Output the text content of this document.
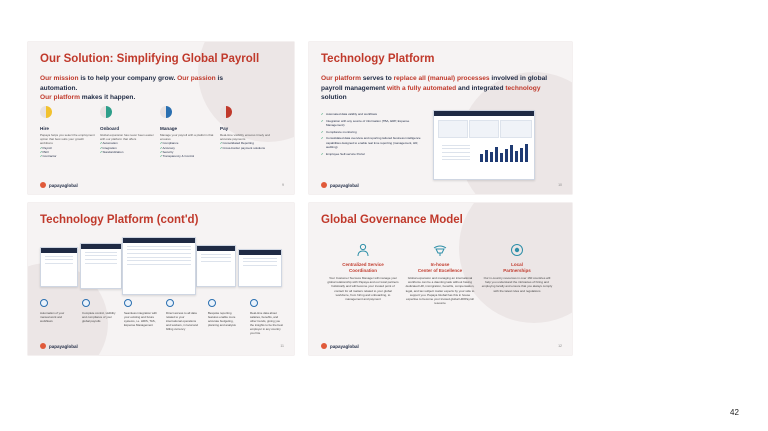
Our Solution: Simplifying Global Payroll
Our mission is to help your company grow. Our passion is automation.
Our platform makes it happen.
Hire
Papaya helps you select the employment option that best suits your growth ambitions
✔ Payroll
✔ PEO
✔ Contractor
Onboard
Global expansion has never been easier with our platform that offers
✔ Automation
✔ Integration
✔ Standardization
Manage
Manage your payroll with a platform that ensures
✔ Compliance
✔ Accuracy
✔ Security
✔ Transparency & Control
Pay
Real-time visibility ensures timely and accurate payments
✔ Consolidated Reporting
✔ Cross-border payment solutions
papayaglobal	9
Technology Platform
Our platform serves to replace all (manual) processes involved in global payroll management with a fully automated and integrated technology solution
✔ Automated data validity and workflows
✔ Integration with any source of information (TBA, ERP, Expense Management)
✔ Compliance monitoring
✔ Consolidated data overview and reporting tailored business intelligence capabilities designed to enable real time reporting (management, HR, auditing)
✔ Employee Self-service Portal
papayaglobal	10
Technology Platform (cont'd)
Automation of your manual work and workflows
Complete control, visibility and compliance of your global payrolls
Seamless integration with your existing and future systems, i.e. HRIS, TAS, Expense Management
Direct access to all data related to your international operations and workers, in local and billing currency
Bespoke reporting features enable more accurate budgeting, planning and analysis
Real-time data about salaries, benefits, and other trends, giving you the insights to be the best employer in any country you hire
papayaglobal	11
Global Governance Model
Centralized Service
Coordination
Your Customer Success Manager will manage your global relationship with Papaya and our local partners holistically and will become your trusted point of contact for all matters related to your global workforce, from hiring and onboarding, to management and payment
In-house
Center of Excellence
Global expansion and managing an international workforce can be a daunting task without having dedicated HR, immigration, benefits, compensation, legal, and tax subject matter experts by your side to support you. Papaya Global has this in house expertise to become your trusted global HR/Payroll resource
Local
Partnerships
Our in-country resources in over 160 countries will help you understand the intricacies of hiring and employing locally and ensure that you always comply with the latest rules and regulations
papayaglobal	12
42
